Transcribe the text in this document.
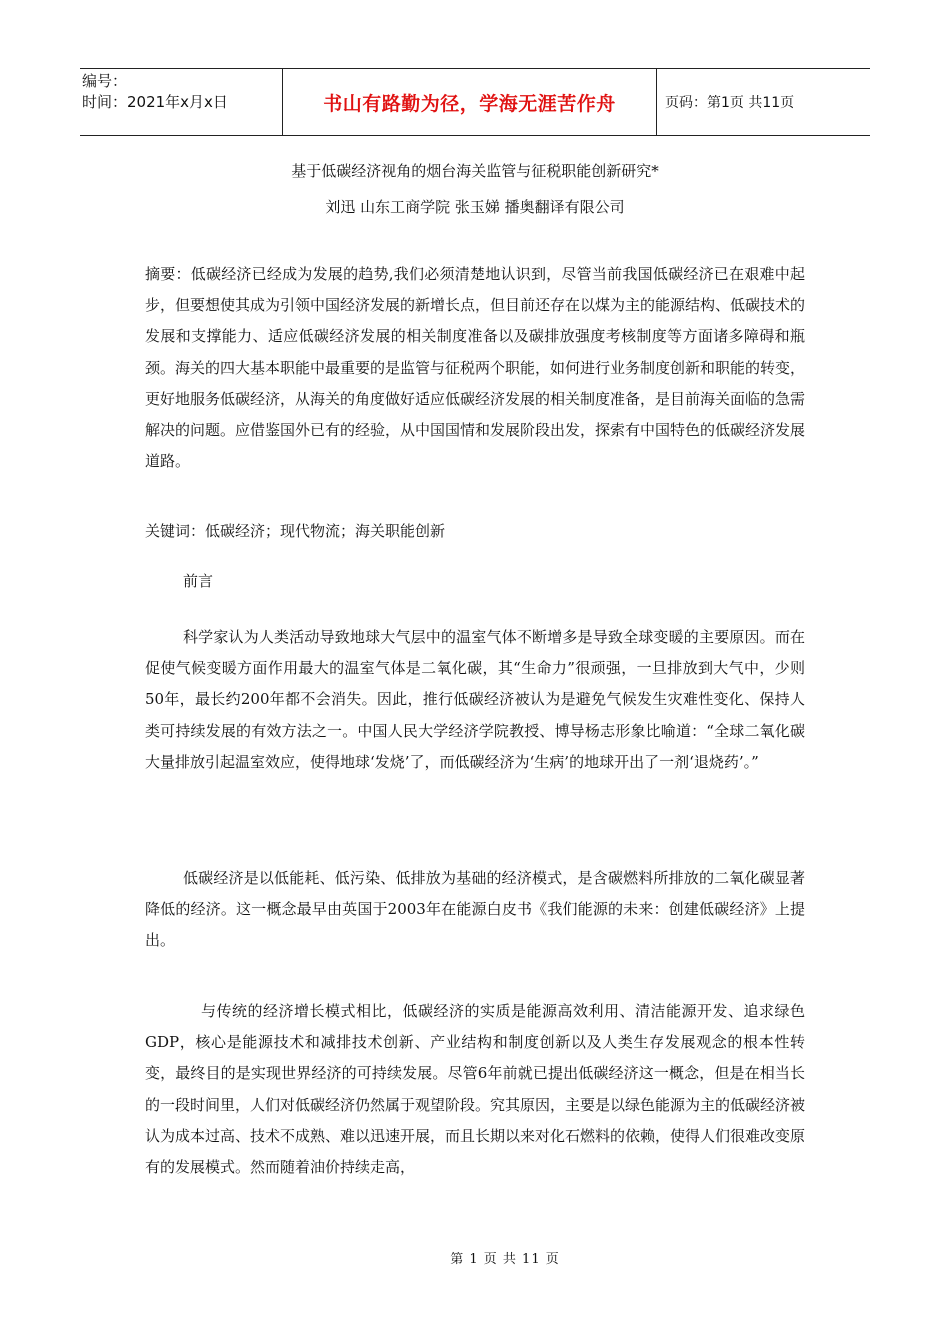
编号：
时间：2021年x月x日	书山有路勤为径，学海无涯苦作舟	页码：第1页 共11页
基于低碳经济视角的烟台海关监管与征税职能创新研究*
刘迅 山东工商学院 张玉娣 播奥翻译有限公司

摘要：低碳经济已经成为发展的趋势,我们必须清楚地认识到，尽管当前我国低碳经济已在艰难中起步，但要想使其成为引领中国经济发展的新增长点，但目前还存在以煤为主的能源结构、低碳技术的发展和支撑能力、适应低碳经济发展的相关制度准备以及碳排放强度考核制度等方面诸多障碍和瓶颈。海关的四大基本职能中最重要的是监管与征税两个职能，如何进行业务制度创新和职能的转变，更好地服务低碳经济，从海关的角度做好适应低碳经济发展的相关制度准备，是目前海关面临的急需解决的问题。应借鉴国外已有的经验，从中国国情和发展阶段出发，探索有中国特色的低碳经济发展道路。

关键词：低碳经济；现代物流；海关职能创新
前言

科学家认为人类活动导致地球大气层中的温室气体不断增多是导致全球变暖的主要原因。而在促使气候变暖方面作用最大的温室气体是二氧化碳，其“生命力”很顽强，一旦排放到大气中，少则50年，最长约200年都不会消失。因此，推行低碳经济被认为是避免气候发生灾难性变化、保持人类可持续发展的有效方法之一。中国人民大学经济学院教授、博导杨志形象比喻道：“全球二氧化碳大量排放引起温室效应，使得地球‘发烧’了，而低碳经济为‘生病’的地球开出了一剂‘退烧药’。”

低碳经济是以低能耗、低污染、低排放为基础的经济模式，是含碳燃料所排放的二氧化碳显著降低的经济。这一概念最早由英国于2003年在能源白皮书《我们能源的未来：创建低碳经济》上提出。

与传统的经济增长模式相比，低碳经济的实质是能源高效利用、清洁能源开发、追求绿色GDP，核心是能源技术和减排技术创新、产业结构和制度创新以及人类生存发展观念的根本性转变，最终目的是实现世界经济的可持续发展。尽管6年前就已提出低碳经济这一概念，但是在相当长的一段时间里，人们对低碳经济仍然属于观望阶段。究其原因，主要是以绿色能源为主的低碳经济被认为成本过高、技术不成熟、难以迅速开展，而且长期以来对化石燃料的依赖，使得人们很难改变原有的发展模式。然而随着油价持续走高，

第 1 页 共 11 页
